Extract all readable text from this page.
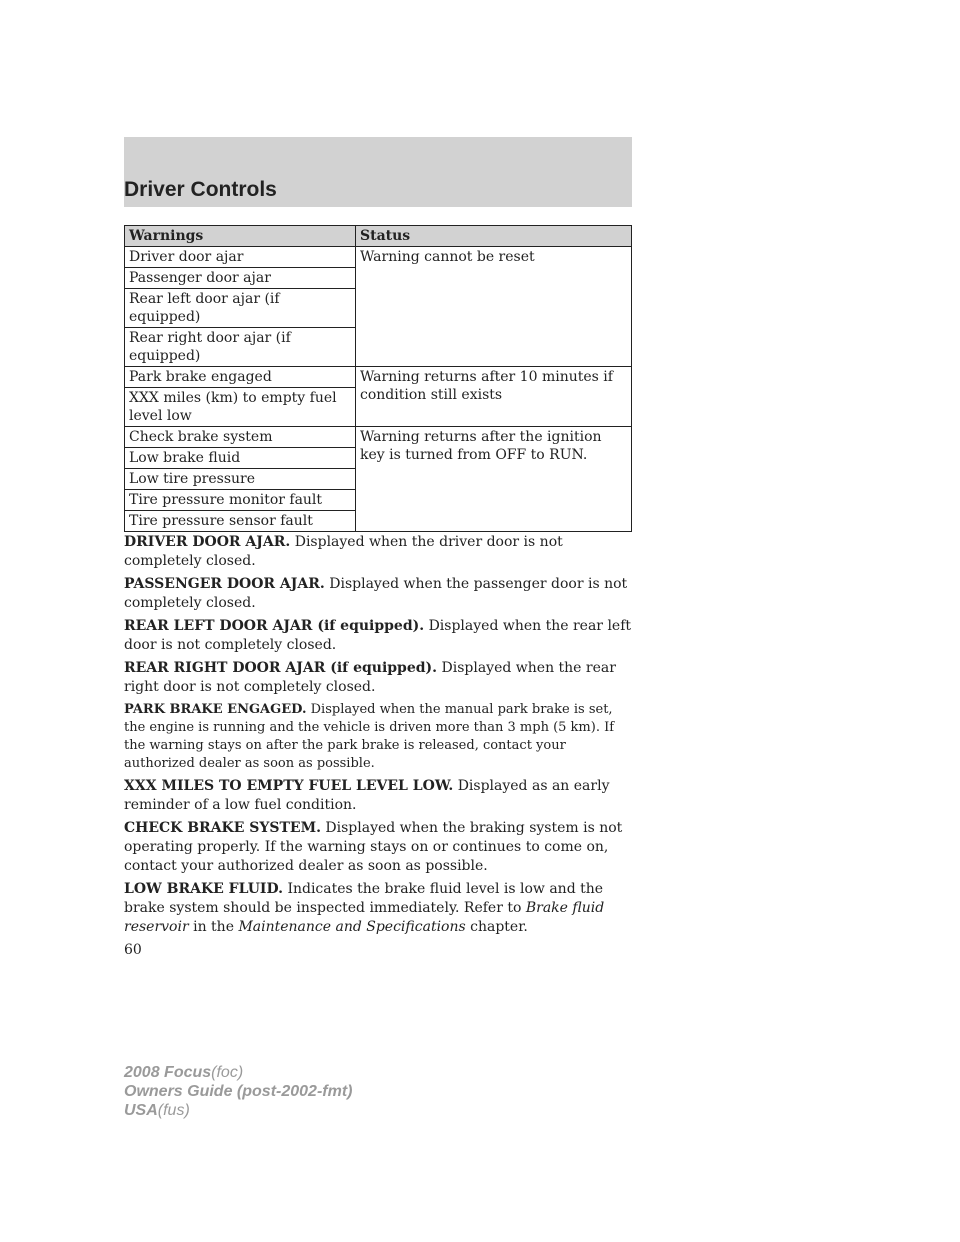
Driver Controls
Warnings	Status
Driver door ajar	Warning cannot be reset
Passenger door ajar	
Rear left door ajar (if equipped)	
Rear right door ajar (if equipped)	
Park brake engaged	Warning returns after 10 minutes if condition still exists
XXX miles (km) to empty fuel level low	
Check brake system	Warning returns after the ignition key is turned from OFF to RUN.
Low brake fluid	
Low tire pressure	
Tire pressure monitor fault	
Tire pressure sensor fault	

DRIVER DOOR AJAR. Displayed when the driver door is not completely closed.

PASSENGER DOOR AJAR. Displayed when the passenger door is not completely closed.

REAR LEFT DOOR AJAR (if equipped). Displayed when the rear left door is not completely closed.

REAR RIGHT DOOR AJAR (if equipped). Displayed when the rear right door is not completely closed.

PARK BRAKE ENGAGED. Displayed when the manual park brake is set, the engine is running and the vehicle is driven more than 3 mph (5 km). If the warning stays on after the park brake is released, contact your authorized dealer as soon as possible.

XXX MILES TO EMPTY FUEL LEVEL LOW. Displayed as an early reminder of a low fuel condition.

CHECK BRAKE SYSTEM. Displayed when the braking system is not operating properly. If the warning stays on or continues to come on, contact your authorized dealer as soon as possible.

LOW BRAKE FLUID. Indicates the brake fluid level is low and the brake system should be inspected immediately. Refer to Brake fluid reservoir in the Maintenance and Specifications chapter.

60
2008 Focus(foc)
Owners Guide (post-2002-fmt)
USA(fus)
